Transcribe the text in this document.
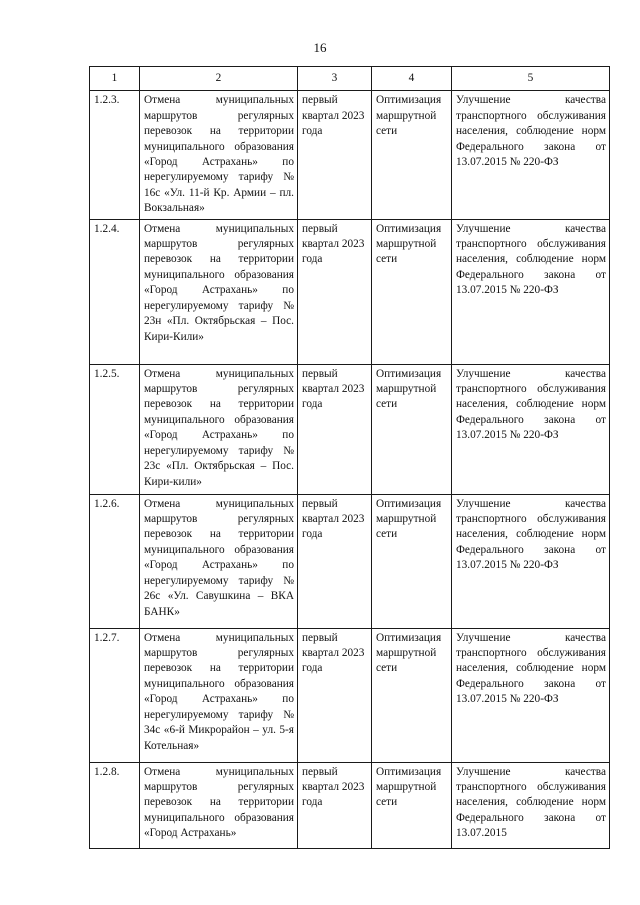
16
1	2	3	4	5
1.2.3.	Отмена муниципальных маршрутов регулярных перевозок на территории муниципального образования «Город Астрахань» по нерегулируемому тарифу № 16с «Ул. 11-й Кр. Армии – пл. Вокзальная»	первый квартал 2023 года	Оптимизация маршрутной сети	Улучшение качества транспортного обслуживания населения, соблюдение норм Федерального закона от 13.07.2015 № 220-ФЗ
1.2.4.	Отмена муниципальных маршрутов регулярных перевозок на территории муниципального образования «Город Астрахань» по нерегулируемому тарифу № 23н «Пл. Октябрьская – Пос. Кири-Кили»	первый квартал 2023 года	Оптимизация маршрутной сети	Улучшение качества транспортного обслуживания населения, соблюдение норм Федерального закона от 13.07.2015 № 220-ФЗ
1.2.5.	Отмена муниципальных маршрутов регулярных перевозок на территории муниципального образования «Город Астрахань» по нерегулируемому тарифу № 23с «Пл. Октябрьская – Пос. Кири-кили»	первый квартал 2023 года	Оптимизация маршрутной сети	Улучшение качества транспортного обслуживания населения, соблюдение норм Федерального закона от 13.07.2015 № 220-ФЗ
1.2.6.	Отмена муниципальных маршрутов регулярных перевозок на территории муниципального образования «Город Астрахань» по нерегулируемому тарифу № 26с «Ул. Савушкина – ВКА БАНК»	первый квартал 2023 года	Оптимизация маршрутной сети	Улучшение качества транспортного обслуживания населения, соблюдение норм Федерального закона от 13.07.2015 № 220-ФЗ
1.2.7.	Отмена муниципальных маршрутов регулярных перевозок на территории муниципального образования «Город Астрахань» по нерегулируемому тарифу № 34с «6-й Микрорайон – ул. 5-я Котельная»	первый квартал 2023 года	Оптимизация маршрутной сети	Улучшение качества транспортного обслуживания населения, соблюдение норм Федерального закона от 13.07.2015 № 220-ФЗ
1.2.8.	Отмена муниципальных маршрутов регулярных перевозок на территории муниципального образования «Город Астрахань»	первый квартал 2023 года	Оптимизация маршрутной сети	Улучшение качества транспортного обслуживания населения, соблюдение норм Федерального закона от 13.07.2015
